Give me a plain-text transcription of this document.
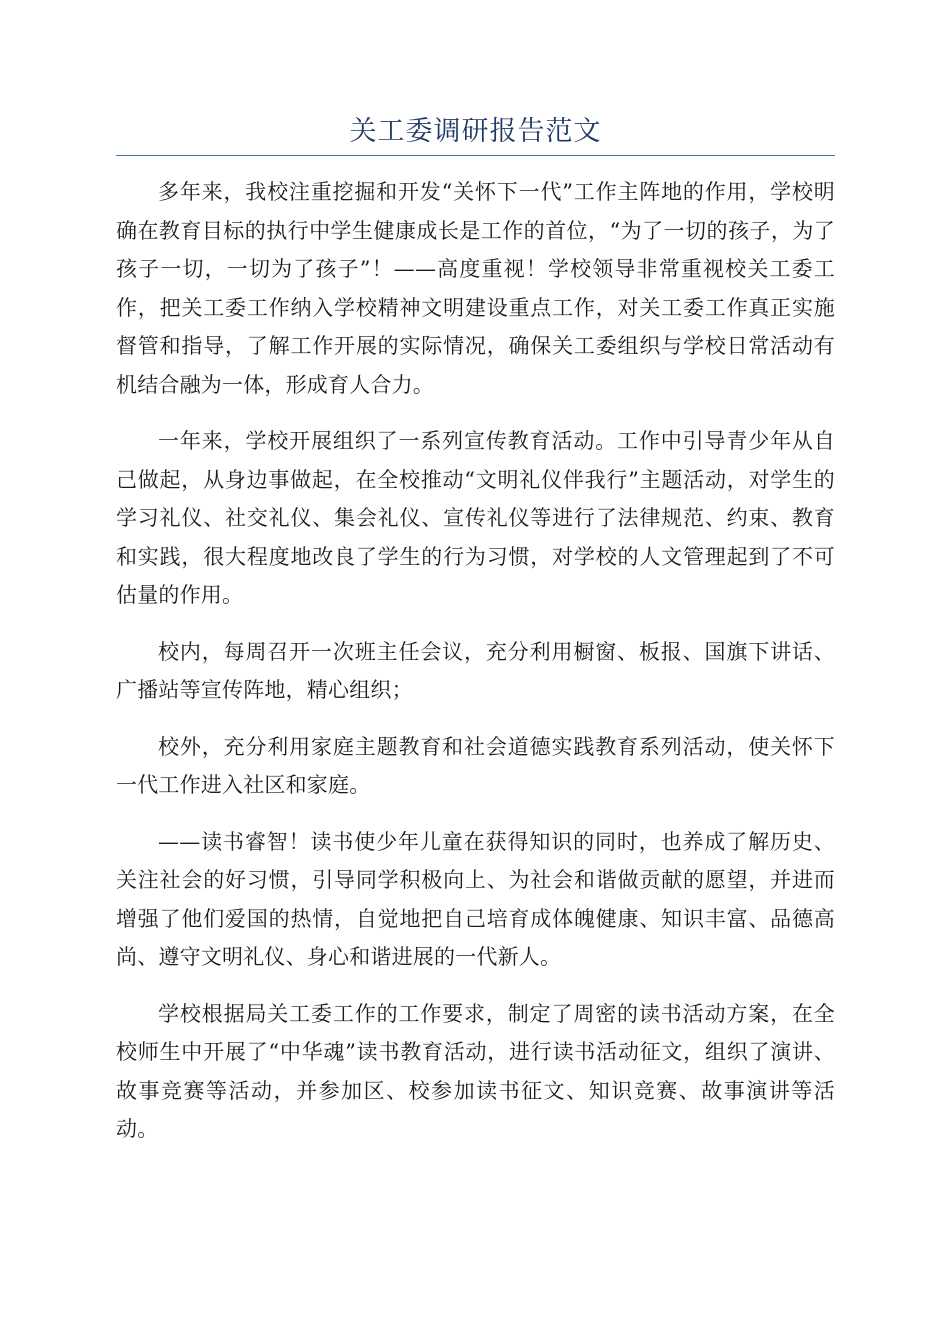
关工委调研报告范文

多年来，我校注重挖掘和开发“关怀下一代”工作主阵地的作用，学校明确在教育目标的执行中学生健康成长是工作的首位，“为了一切的孩子，为了孩子一切，一切为了孩子”！——高度重视！学校领导非常重视校关工委工作，把关工委工作纳入学校精神文明建设重点工作，对关工委工作真正实施督管和指导，了解工作开展的实际情况，确保关工委组织与学校日常活动有机结合融为一体，形成育人合力。

一年来，学校开展组织了一系列宣传教育活动。工作中引导青少年从自己做起，从身边事做起，在全校推动“文明礼仪伴我行”主题活动，对学生的学习礼仪、社交礼仪、集会礼仪、宣传礼仪等进行了法律规范、约束、教育和实践，很大程度地改良了学生的行为习惯，对学校的人文管理起到了不可估量的作用。

校内，每周召开一次班主任会议，充分利用橱窗、板报、国旗下讲话、广播站等宣传阵地，精心组织；

校外，充分利用家庭主题教育和社会道德实践教育系列活动，使关怀下一代工作进入社区和家庭。

——读书睿智！读书使少年儿童在获得知识的同时，也养成了解历史、关注社会的好习惯，引导同学积极向上、为社会和谐做贡献的愿望，并进而增强了他们爱国的热情，自觉地把自己培育成体魄健康、知识丰富、品德高尚、遵守文明礼仪、身心和谐进展的一代新人。

学校根据局关工委工作的工作要求，制定了周密的读书活动方案，在全校师生中开展了“中华魂”读书教育活动，进行读书活动征文，组织了演讲、故事竞赛等活动，并参加区、校参加读书征文、知识竞赛、故事演讲等活动。
